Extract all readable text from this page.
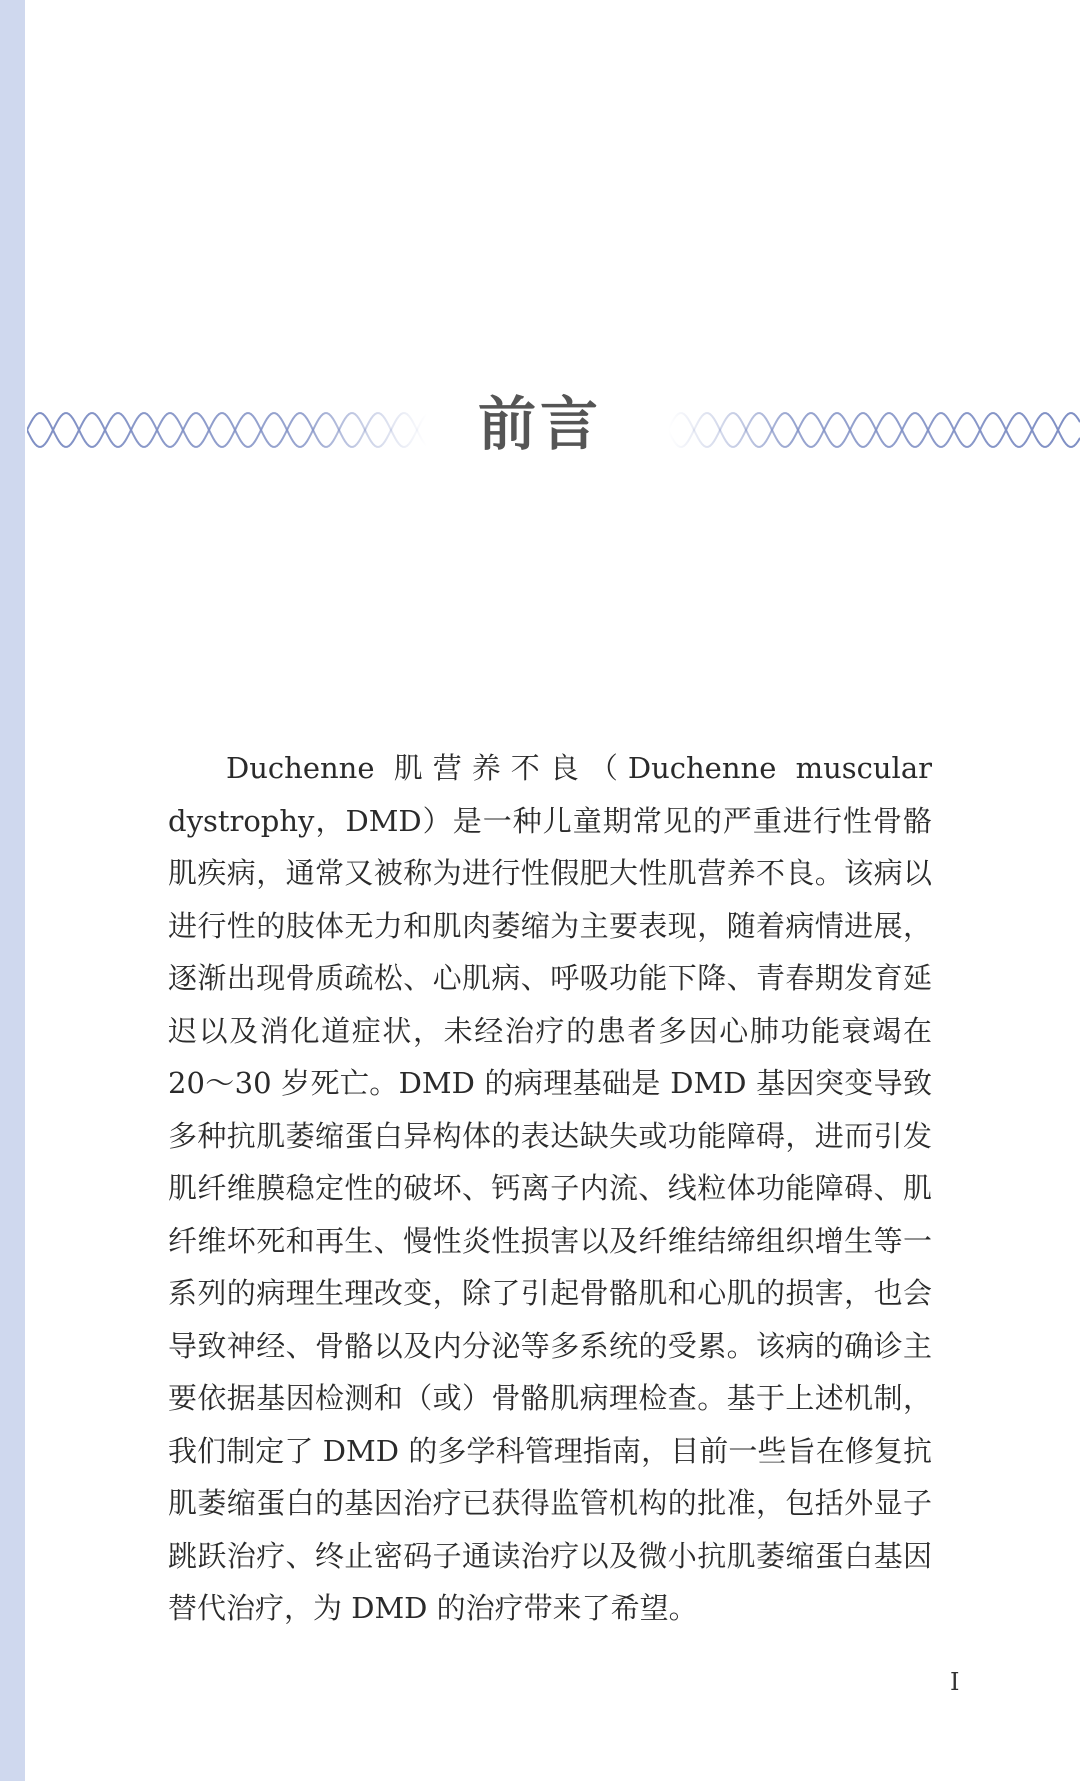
前言

Duchenne 肌营养不良（Duchenne muscular dystrophy，DMD）是一种儿童期常见的严重进行性骨骼肌疾病，通常又被称为进行性假肥大性肌营养不良。该病以进行性的肢体无力和肌肉萎缩为主要表现，随着病情进展，逐渐出现骨质疏松、心肌病、呼吸功能下降、青春期发育延迟以及消化道症状，未经治疗的患者多因心肺功能衰竭在 20～30 岁死亡。DMD 的病理基础是 DMD 基因突变导致多种抗肌萎缩蛋白异构体的表达缺失或功能障碍，进而引发肌纤维膜稳定性的破坏、钙离子内流、线粒体功能障碍、肌纤维坏死和再生、慢性炎性损害以及纤维结缔组织增生等一系列的病理生理改变，除了引起骨骼肌和心肌的损害，也会导致神经、骨骼以及内分泌等多系统的受累。该病的确诊主要依据基因检测和（或）骨骼肌病理检查。基于上述机制，我们制定了 DMD 的多学科管理指南，目前一些旨在修复抗肌萎缩蛋白的基因治疗已获得监管机构的批准，包括外显子跳跃治疗、终止密码子通读治疗以及微小抗肌萎缩蛋白基因替代治疗，为 DMD 的治疗带来了希望。

I
